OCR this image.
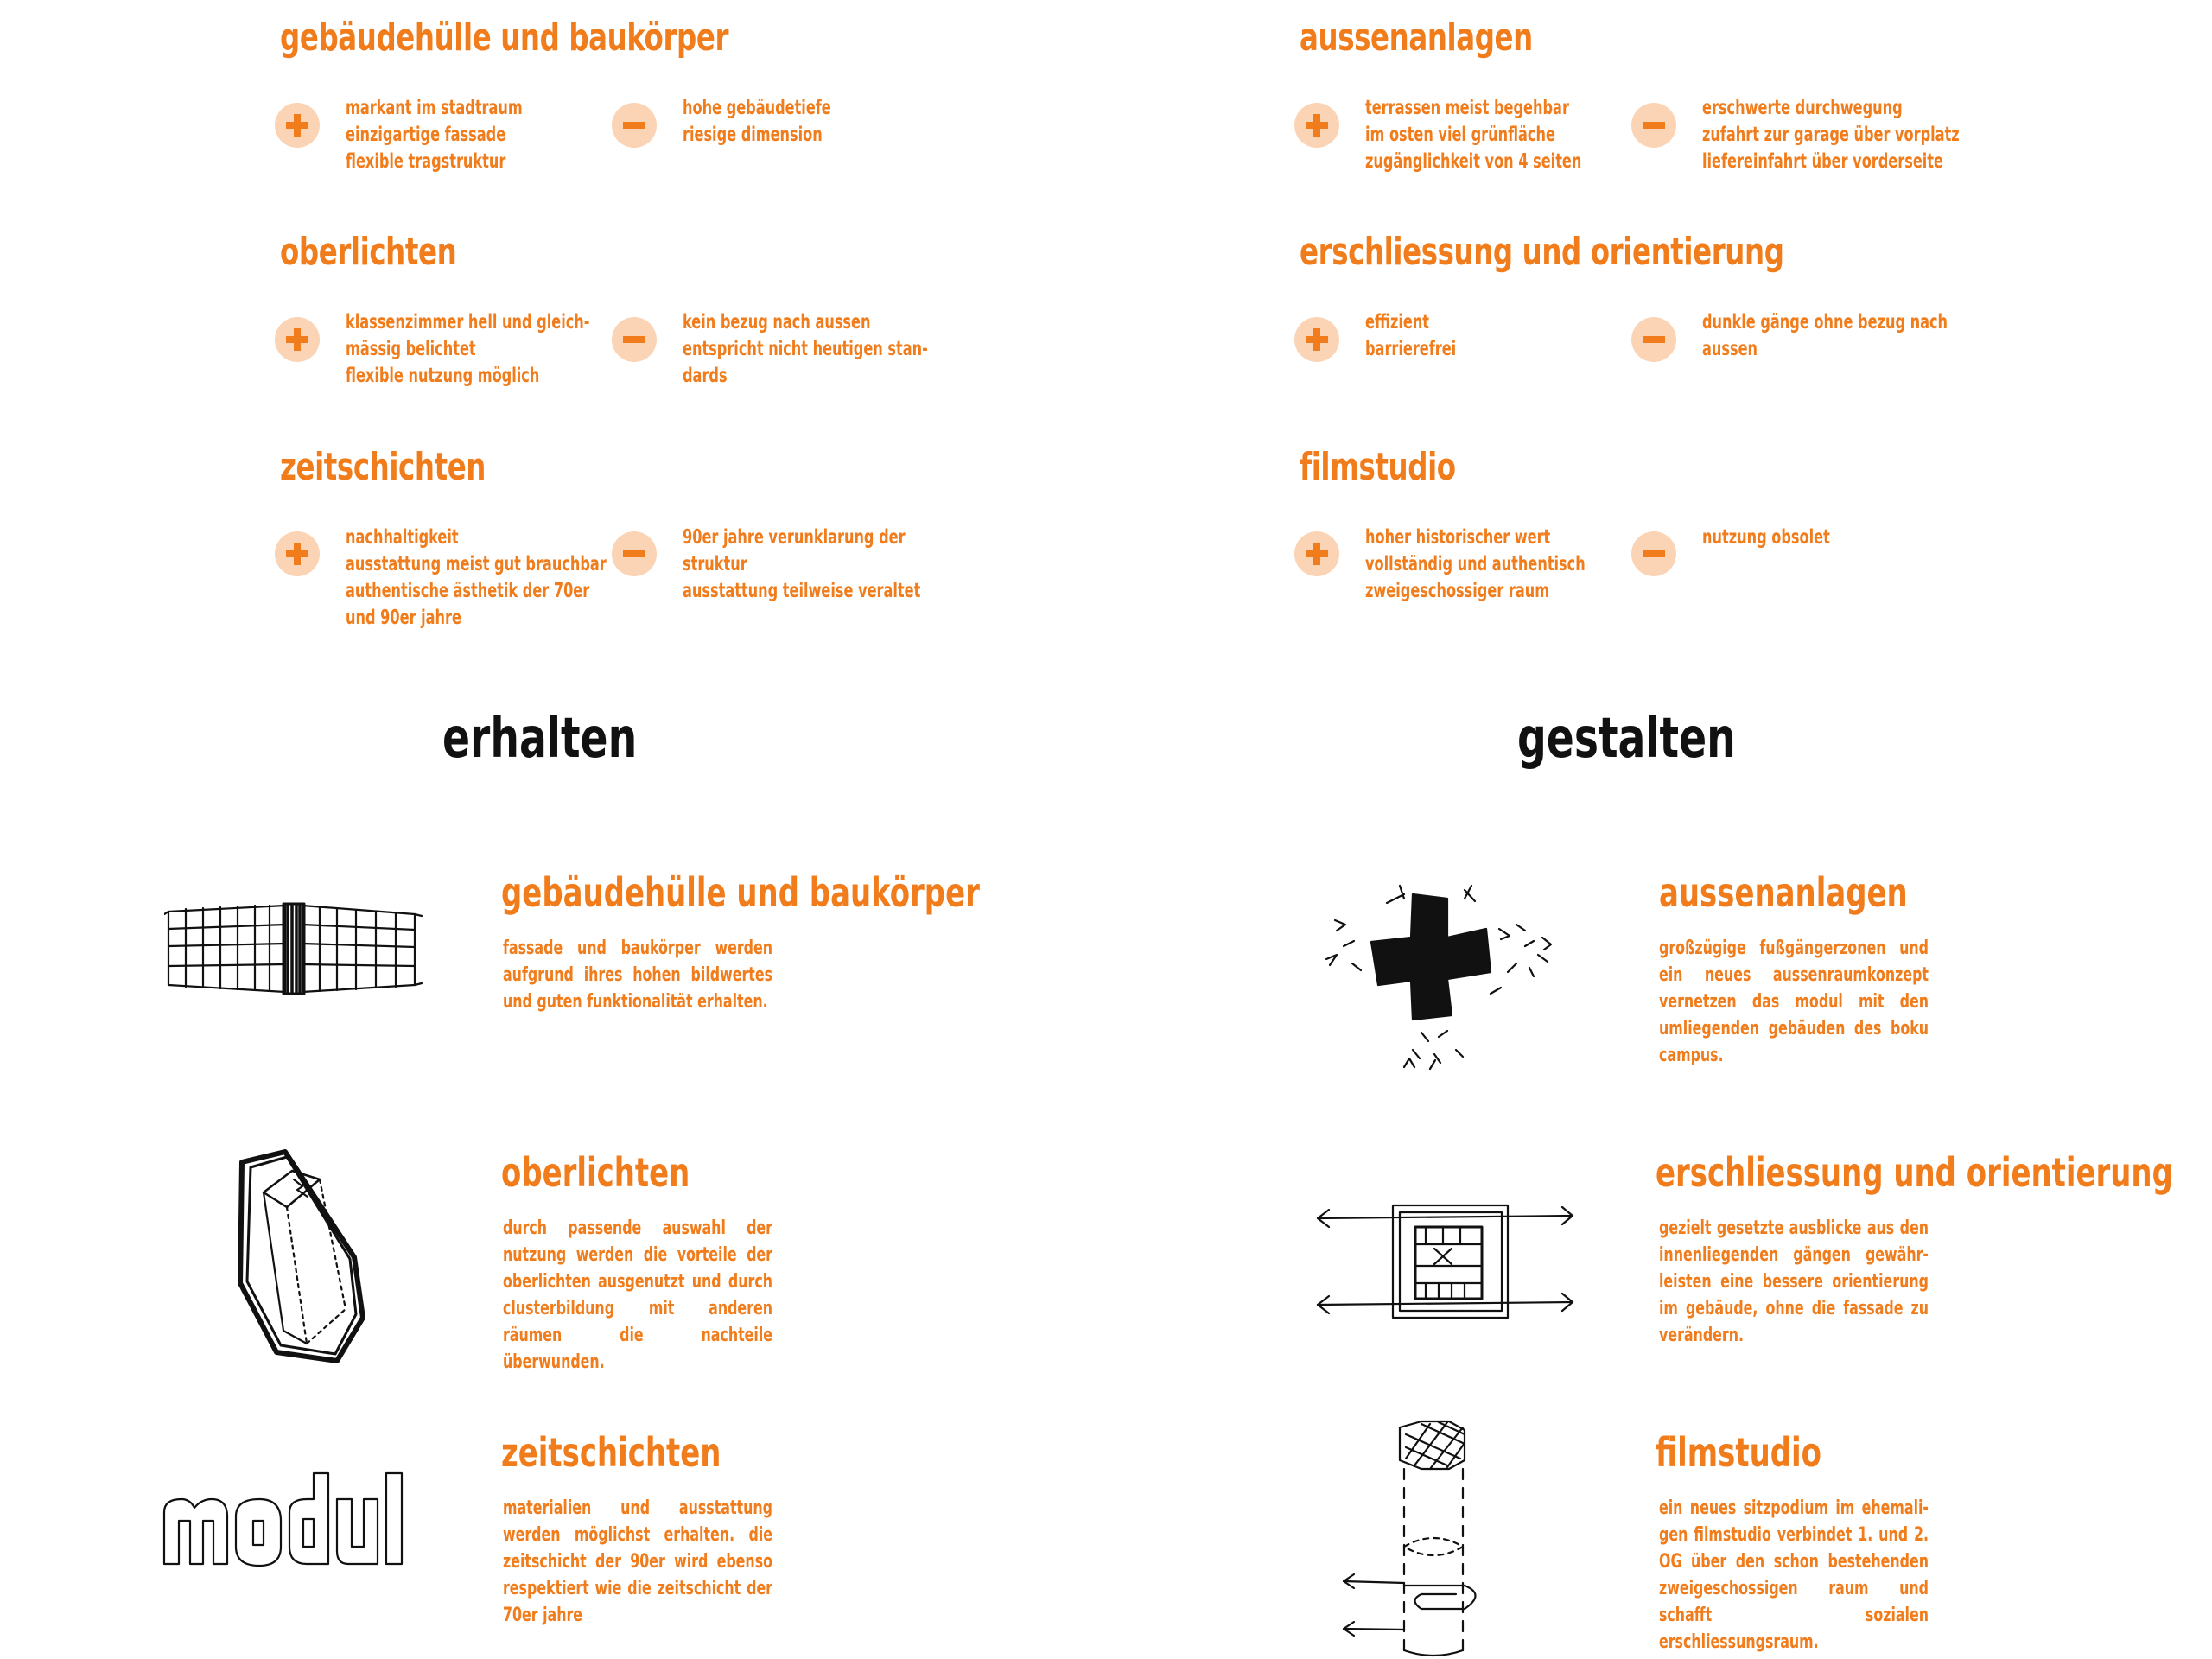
gebäudehülle und baukörper
markant im stadtraum
einzigartige fassade
flexible tragstruktur
hohe gebäudetiefe
riesige dimension
oberlichten
klassenzimmer hell und gleich-
mässig belichtet
flexible nutzung möglich
kein bezug nach aussen
entspricht nicht heutigen stan-
dards
zeitschichten
nachhaltigkeit
ausstattung meist gut brauchbar
authentische ästhetik der 70er
und 90er jahre
90er jahre verunklarung der
struktur
ausstattung teilweise veraltet
aussenanlagen
terrassen meist begehbar
im osten viel grünfläche
zugänglichkeit von 4 seiten
erschwerte durchwegung
zufahrt zur garage über vorplatz
liefereinfahrt über vorderseite
erschliessung und orientierung
effizient
barrierefrei
dunkle gänge ohne bezug nach
aussen
filmstudio
hoher historischer wert
vollständig und authentisch
zweigeschossiger raum
nutzung obsolet
erhalten	gestalten
gebäudehülle und baukörper
fassade und baukörper werden aufgrund ihres hohen bildwertes und guten funktionalität erhalten.
oberlichten
durch passende auswahl der nutzung werden die vorteile der oberlichten ausgenutzt und durch clusterbildung mit anderen räumen die nachteile überwunden.
zeitschichten
materialien und ausstattung werden möglichst erhalten. die zeitschicht der 90er wird ebenso respektiert wie die zeitschicht der 70er jahre
aussenanlagen
großzügige fußgängerzonen und ein neues aussenraumkonzept vernetzen das modul mit den umliegenden gebäuden des boku campus.
erschliessung und orientierung
gezielt gesetzte ausblicke aus den innenliegenden gängen gewährleisten eine bessere orientierung im gebäude, ohne die fassade zu verändern.
filmstudio
ein neues sitzpodium im ehemaligen filmstudio verbindet 1. und 2. OG über den schon bestehenden zweigeschossigen raum und schafft sozialen erschliessungsraum.
